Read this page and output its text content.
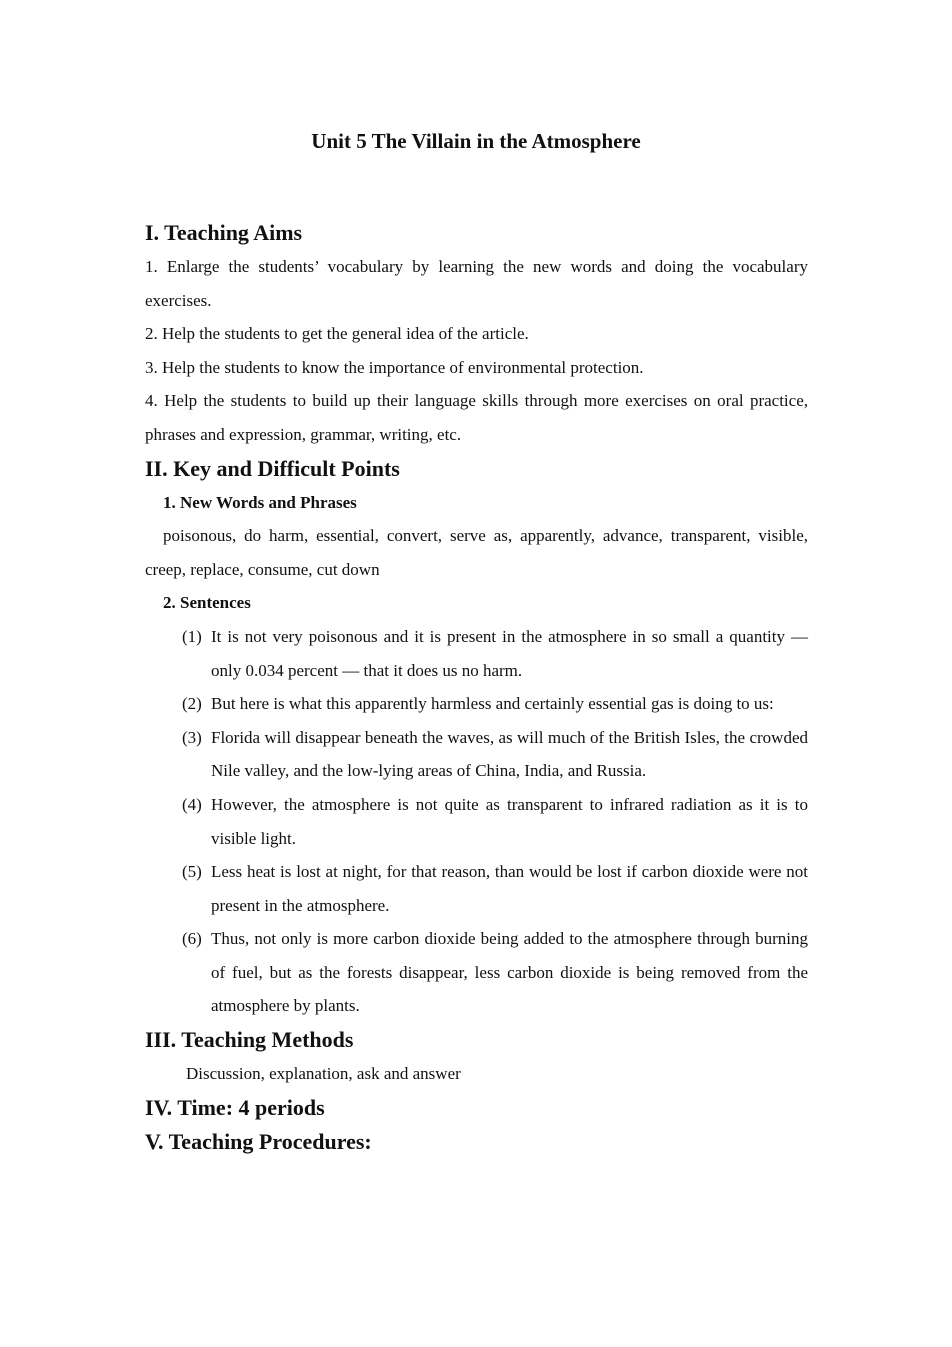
Unit 5 The Villain in the Atmosphere
I. Teaching Aims
1. Enlarge the students’ vocabulary by learning the new words and doing the vocabulary exercises.
2. Help the students to get the general idea of the article.
3. Help the students to know the importance of environmental protection.
4. Help the students to build up their language skills through more exercises on oral practice, phrases and expression, grammar, writing, etc.
II. Key and Difficult Points
1. New Words and Phrases
poisonous, do harm, essential, convert, serve as, apparently, advance, transparent, visible, creep, replace, consume, cut down
2. Sentences
(1) It is not very poisonous and it is present in the atmosphere in so small a quantity — only 0.034 percent — that it does us no harm.
(2) But here is what this apparently harmless and certainly essential gas is doing to us:
(3) Florida will disappear beneath the waves, as will much of the British Isles, the crowded Nile valley, and the low-lying areas of China, India, and Russia.
(4) However, the atmosphere is not quite as transparent to infrared radiation as it is to visible light.
(5) Less heat is lost at night, for that reason, than would be lost if carbon dioxide were not present in the atmosphere.
(6) Thus, not only is more carbon dioxide being added to the atmosphere through burning of fuel, but as the forests disappear, less carbon dioxide is being removed from the atmosphere by plants.
III. Teaching Methods
Discussion, explanation, ask and answer
IV. Time: 4 periods
V. Teaching Procedures:
